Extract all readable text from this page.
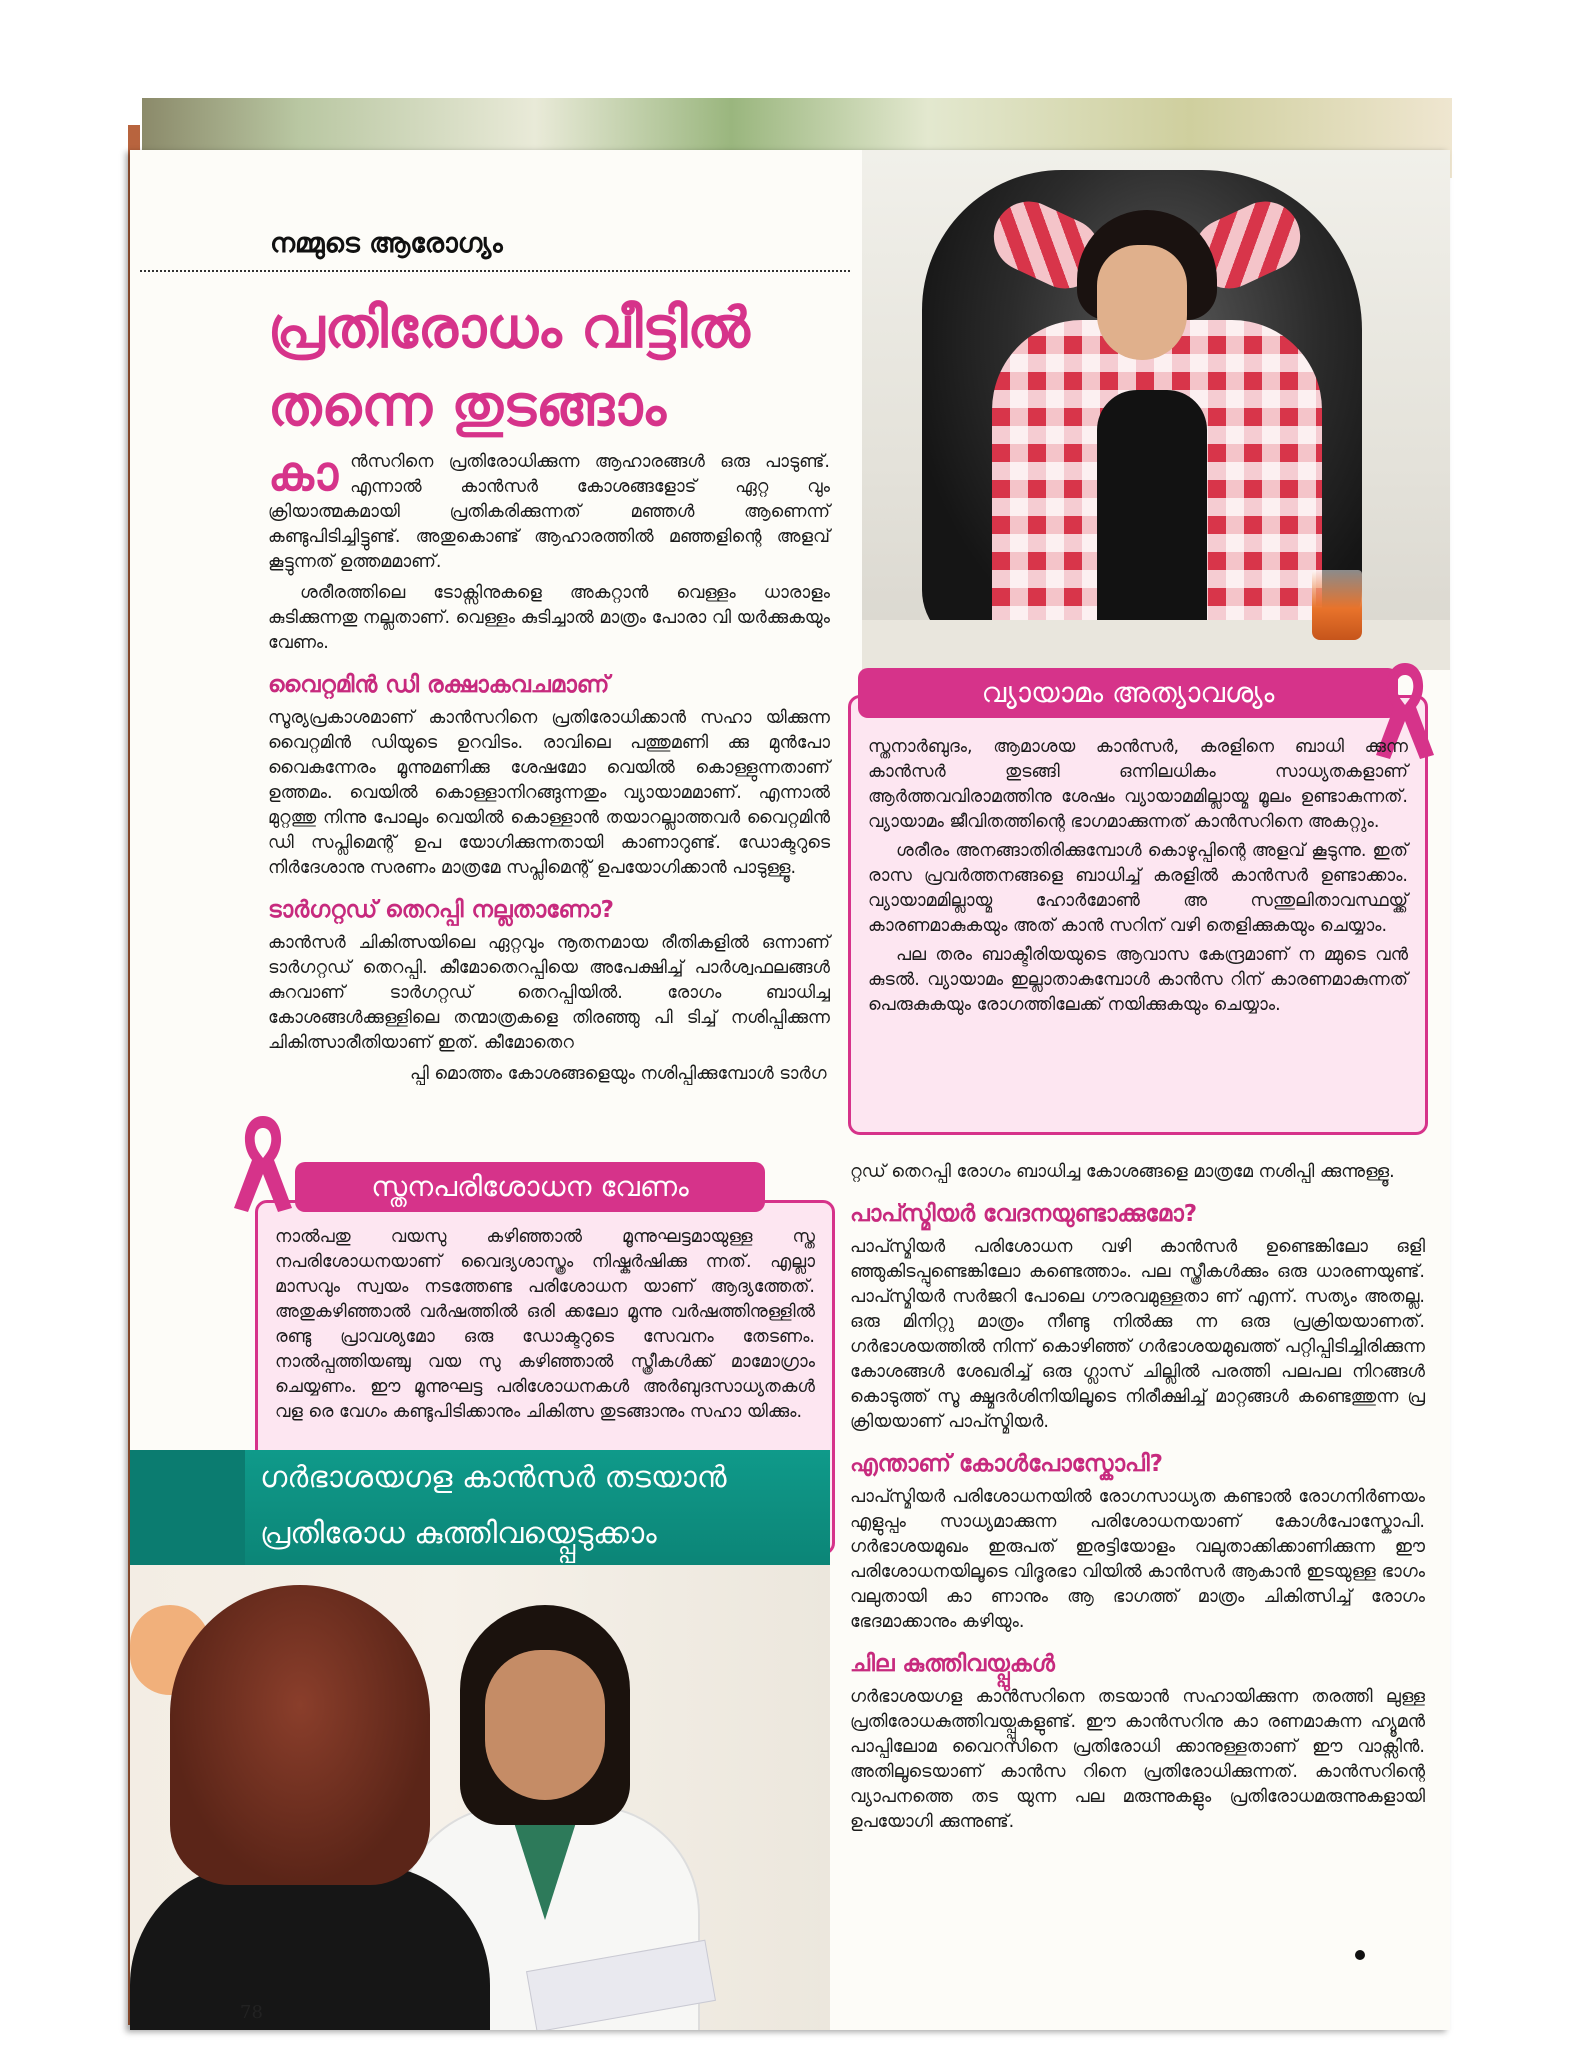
നമ്മുടെ ആരോഗ്യം
പ്രതിരോധം വീട്ടിൽ
തന്നെ തുടങ്ങാം

കാൻസറിനെ പ്രതിരോധിക്കുന്ന ആഹാരങ്ങൾ ഒരു പാടുണ്ട്. എന്നാൽ കാൻസർ കോശങ്ങളോട് ഏറ്റ വും ക്രിയാത്മകമായി പ്രതികരിക്കുന്നത് മഞ്ഞൾ ആണെന്ന് കണ്ടുപിടിച്ചിട്ടുണ്ട്. അതുകൊണ്ട് ആഹാരത്തിൽ മഞ്ഞളിന്റെ അളവ് കൂട്ടുന്നത് ഉത്തമമാണ്.

ശരീരത്തിലെ ടോക്സിനുകളെ അകറ്റാൻ വെള്ളം ധാരാളം കുടിക്കുന്നതു നല്ലതാണ്. വെള്ളം കുടിച്ചാൽ മാത്രം പോരാ വി യർക്കുകയും വേണം.

വൈറ്റമിൻ ഡി രക്ഷാകവചമാണ്

സൂര്യപ്രകാശമാണ് കാൻസറിനെ പ്രതിരോധിക്കാൻ സഹാ യിക്കുന്ന വൈറ്റമിൻ ഡിയുടെ ഉറവിടം. രാവിലെ പത്തുമണി ക്കു മുൻപോ വൈകുന്നേരം മൂന്നുമണിക്കു ശേഷമോ വെയിൽ കൊള്ളുന്നതാണ് ഉത്തമം. വെയിൽ കൊള്ളാനിറങ്ങുന്നതും വ്യായാമമാണ്. എന്നാൽ മുറ്റത്തു നിന്നു പോലും വെയിൽ കൊള്ളാൻ തയാറല്ലാത്തവർ വൈറ്റമിൻ ഡി സപ്ലിമെന്റ് ഉപ യോഗിക്കുന്നതായി കാണാറുണ്ട്. ഡോക്ടറുടെ നിർദേശാനു സരണം മാത്രമേ സപ്ലിമെന്റ് ഉപയോഗിക്കാൻ പാടുള്ളൂ.

ടാർഗറ്റഡ് തെറപ്പി നല്ലതാണോ?

കാൻസർ ചികിത്സയിലെ ഏറ്റവും നൂതനമായ രീതികളിൽ ഒന്നാണ് ടാർഗറ്റഡ് തെറപ്പി. കീമോതെറപ്പിയെ അപേക്ഷിച്ച് പാർശ്വഫലങ്ങൾ കുറവാണ് ടാർഗറ്റഡ് തെറപ്പിയിൽ. രോഗം ബാധിച്ച കോശങ്ങൾക്കുള്ളിലെ തന്മാത്രകളെ തിരഞ്ഞു പി ടിച്ച് നശിപ്പിക്കുന്ന ചികിത്സാരീതിയാണ് ഇത്. കീമോതെറ

പ്പി മൊത്തം കോശങ്ങളെയും നശിപ്പിക്കുമ്പോൾ ടാർഗ

വ്യായാമം അത്യാവശ്യം

സ്തനാർബുദം, ആമാശയ കാൻസർ, കരളിനെ ബാധി ക്കുന്ന കാൻസർ തുടങ്ങി ഒന്നിലധികം സാധ്യതകളാണ് ആർത്തവവിരാമത്തിനു ശേഷം വ്യായാമമില്ലായ്മ മൂലം ഉണ്ടാകുന്നത്. വ്യായാമം ജീവിതത്തിന്റെ ഭാഗമാക്കുന്നത് കാൻസറിനെ അകറ്റും.

ശരീരം അനങ്ങാതിരിക്കുമ്പോൾ കൊഴുപ്പിന്റെ അളവ് കൂടുന്നു. ഇത് രാസ പ്രവർത്തനങ്ങളെ ബാധിച്ച് കരളിൽ കാൻസർ ഉണ്ടാക്കാം. വ്യായാമമില്ലായ്മ ഹോർമോൺ അ സന്തുലിതാവസ്ഥയ്ക്ക് കാരണമാകുകയും അത് കാൻ സറിന് വഴി തെളിക്കുകയും ചെയ്യാം.

പല തരം ബാക്ടീരിയയുടെ ആവാസ കേന്ദ്രമാണ് ന മ്മുടെ വൻ കുടൽ. വ്യായാമം ഇല്ലാതാകുമ്പോൾ കാൻസ റിന് കാരണമാകുന്നത് പെരുകുകയും രോഗത്തിലേക്ക് നയിക്കുകയും ചെയ്യാം.

സ്തനപരിശോധന വേണം
നാൽപതു വയസു കഴിഞ്ഞാൽ മൂന്നുഘട്ടമായുള്ള സ്ത നപരിശോധനയാണ് വൈദ്യശാസ്ത്രം നിഷ്കർഷിക്കു ന്നത്. എല്ലാ മാസവും സ്വയം നടത്തേണ്ട പരിശോധന യാണ് ആദ്യത്തേത്. അതുകഴിഞ്ഞാൽ വർഷത്തിൽ ഒരി ക്കലോ മൂന്നു വർഷത്തിനുള്ളിൽ രണ്ടു പ്രാവശ്യമോ ഒരു ഡോക്ടറുടെ സേവനം തേടണം. നാൽപ്പത്തിയഞ്ചു വയ സു കഴിഞ്ഞാൽ സ്ത്രീകൾക്ക് മാമോഗ്രാം ചെയ്യണം. ഈ മൂന്നുഘട്ട പരിശോധനകൾ അർബുദസാധ്യതകൾ വള രെ വേഗം കണ്ടുപിടിക്കാനും ചികിത്സ തുടങ്ങാനും സഹാ യിക്കും.

റ്റഡ് തെറപ്പി രോഗം ബാധിച്ച കോശങ്ങളെ മാത്രമേ നശിപ്പി ക്കുന്നുള്ളൂ.

പാപ്സ്മിയർ വേദനയുണ്ടാക്കുമോ?

പാപ്സ്മിയർ പരിശോധന വഴി കാൻസർ ഉണ്ടെങ്കിലോ ഒളി ഞ്ഞുകിടപ്പുണ്ടെങ്കിലോ കണ്ടെത്താം. പല സ്ത്രീകൾക്കും ഒരു ധാരണയുണ്ട്. പാപ്സ്മിയർ സർജറി പോലെ ഗൗരവമുള്ളതാ ണ് എന്ന്. സത്യം അതല്ല. ഒരു മിനിറ്റു മാത്രം നീണ്ടു നിൽക്കു ന്ന ഒരു പ്രക്രിയയാണത്. ഗർഭാശയത്തിൽ നിന്ന് കൊഴിഞ്ഞ് ഗർഭാശയമുഖത്ത് പറ്റിപ്പിടിച്ചിരിക്കുന്ന കോശങ്ങൾ ശേഖരിച്ച് ഒരു ഗ്ലാസ് ചില്ലിൽ പരത്തി പലപല നിറങ്ങൾ കൊടുത്ത് സൂ ക്ഷ്മദർശിനിയിലൂടെ നിരീക്ഷിച്ച് മാറ്റങ്ങൾ കണ്ടെത്തുന്ന പ്ര ക്രിയയാണ് പാപ്സ്മിയർ.

എന്താണ് കോൾപോസ്കോപി?

പാപ്സ്മിയർ പരിശോധനയിൽ രോഗസാധ്യത കണ്ടാൽ രോഗനിർണയം എളുപ്പം സാധ്യമാക്കുന്ന പരിശോധനയാണ് കോൾപോസ്കോപി. ഗർഭാശയമുഖം ഇരുപത് ഇരട്ടിയോളം വലുതാക്കിക്കാണിക്കുന്ന ഈ പരിശോധനയിലൂടെ വിദൂരഭാ വിയിൽ കാൻസർ ആകാൻ ഇടയുള്ള ഭാഗം വലുതായി കാ ണാനും ആ ഭാഗത്ത് മാത്രം ചികിത്സിച്ച് രോഗം ഭേദമാക്കാനും കഴിയും.

ചില കുത്തിവയ്പ്പുകൾ

ഗർഭാശയഗള കാൻസറിനെ തടയാൻ സഹായിക്കുന്ന തരത്തി ലുള്ള പ്രതിരോധകുത്തിവയ്പ്പുകളുണ്ട്. ഈ കാൻസറിനു കാ രണമാകുന്ന ഹ്യൂമൻ പാപ്പിലോമ വൈറസിനെ പ്രതിരോധി ക്കാനുള്ളതാണ് ഈ വാക്സിൻ. അതിലൂടെയാണ് കാൻസ റിനെ പ്രതിരോധിക്കുന്നത്. കാൻസറിന്റെ വ്യാപനത്തെ തട യുന്ന പല മരുന്നുകളും പ്രതിരോധമരുന്നുകളായി ഉപയോഗി ക്കുന്നുണ്ട്.

ഗർഭാശയഗള കാൻസർ തടയാൻ
പ്രതിരോധ കുത്തിവയ്പ്പെടുക്കാം
78
